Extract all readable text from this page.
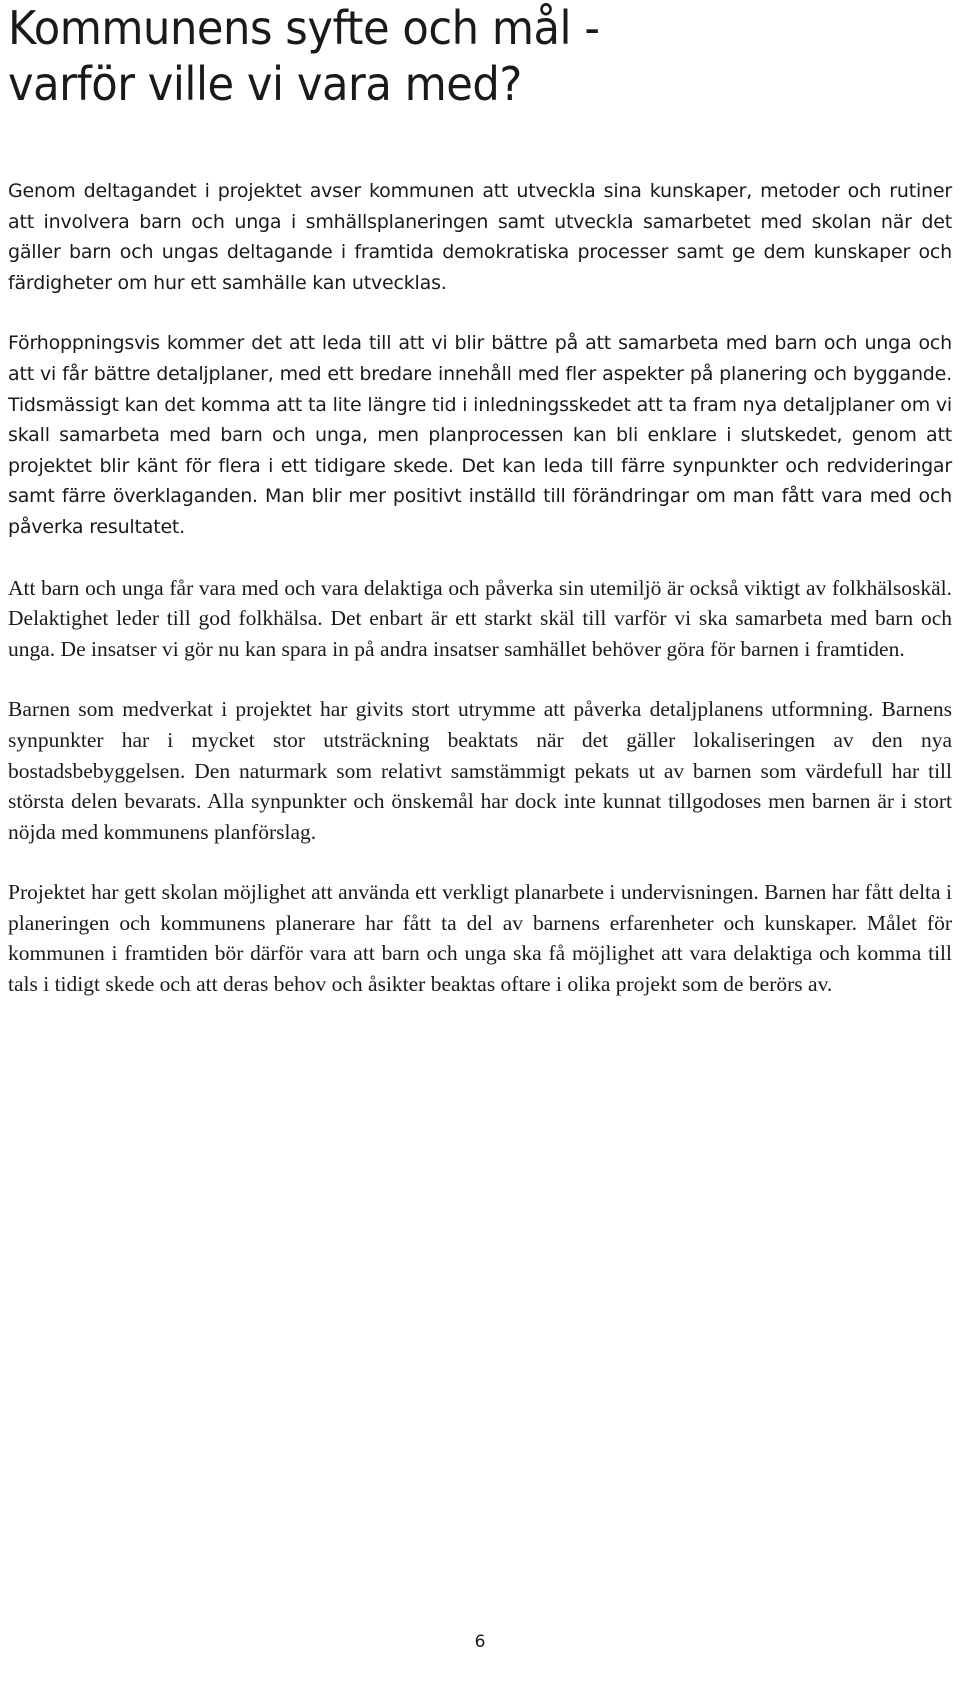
Kommunens syfte och mål -
varför ville vi vara med?

Genom deltagandet i projektet avser kommunen att utveckla sina kunskaper, metoder och rutiner att involvera barn och unga i smhällsplaneringen samt utveckla samarbetet med skolan när det gäller barn och ungas deltagande i framtida demokratiska processer samt ge dem kunskaper och färdigheter om hur ett samhälle kan utvecklas.

Förhoppningsvis kommer det att leda till att vi blir bättre på att samarbeta med barn och unga och att vi får bättre detaljplaner, med ett bredare innehåll med fler aspekter på planering och byggande. Tidsmässigt kan det komma att ta lite längre tid i inledningsskedet att ta fram nya detaljplaner om vi skall samarbeta med barn och unga, men planprocessen kan bli enklare i slutskedet, genom att projektet blir känt för flera i ett tidigare skede. Det kan leda till färre synpunkter och redvideringar samt färre överklaganden. Man blir mer positivt inställd till förändringar om man fått vara med och påverka resultatet.

Att barn och unga får vara med och vara delaktiga och påverka sin utemiljö är också viktigt av folkhälsoskäl. Delaktighet leder till god folkhälsa. Det enbart är ett starkt skäl till varför vi ska samarbeta med barn och unga. De insatser vi gör nu kan spara in på andra insatser samhället behöver göra för barnen i framtiden.

Barnen som medverkat i projektet har givits stort utrymme att påverka detaljplanens utformning. Barnens synpunkter har i mycket stor utsträckning beaktats när det gäller lokaliseringen av den nya bostadsbebyggelsen. Den naturmark som relativt samstämmigt pekats ut av barnen som värdefull har till största delen bevarats. Alla synpunkter och önskemål har dock inte kunnat tillgodoses men barnen är i stort nöjda med kommunens planförslag.

Projektet har gett skolan möjlighet att använda ett verkligt planarbete i undervisningen. Barnen har fått delta i planeringen och kommunens planerare har fått ta del av barnens erfarenheter och kunskaper. Målet för kommunen i framtiden bör därför vara att barn och unga ska få möjlighet att vara delaktiga och komma till tals i tidigt skede och att deras behov och åsikter beaktas oftare i olika projekt som de berörs av.

6
